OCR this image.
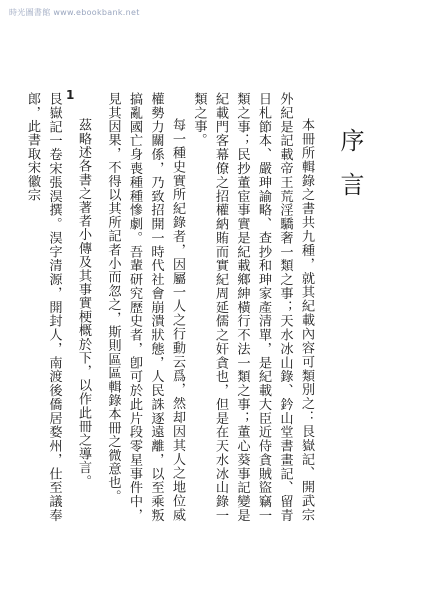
時光圖書館 www.ebookbank.net
序言
1

本冊所輯錄之書共九種，就其紀載內容可類別之：艮嶽記、開武宗外紀是記載帝王荒淫驕奢一類之事；天水冰山錄、鈐山堂書畫記、留青日札節本、嚴珅諭略、查抄和珅家產清單，是紀載大臣近侍貪賊盜竊一類之事；民抄董宦事實是紀載鄉紳橫行不法一類之事；董心葵事記變是紀載門客幕僚之招權納賄而實紀周延儒之奸貪也，但是在天水冰山錄一類之事。

每一種史實所紀錄者，因屬一人之行動云爲，然却因其人之地位威權勢力關係，乃致招開一時代社會崩潰狀態，人民誅逐遠離，以至乘叛搞亂國亡身喪種種慘劇。吾輩研究歷史者，卽可於此片段零星事件中，見其因果，不得以其所記者小而忽之，斯則區區輯錄本冊之微意也。

茲略述各書之著者小傳及其事實梗概於下，以作此冊之導言。

艮嶽記一卷宋張淏撰。淏字清源，開封人，南渡後僑居婺州，仕至議奉郎，此書取宋徽宗
